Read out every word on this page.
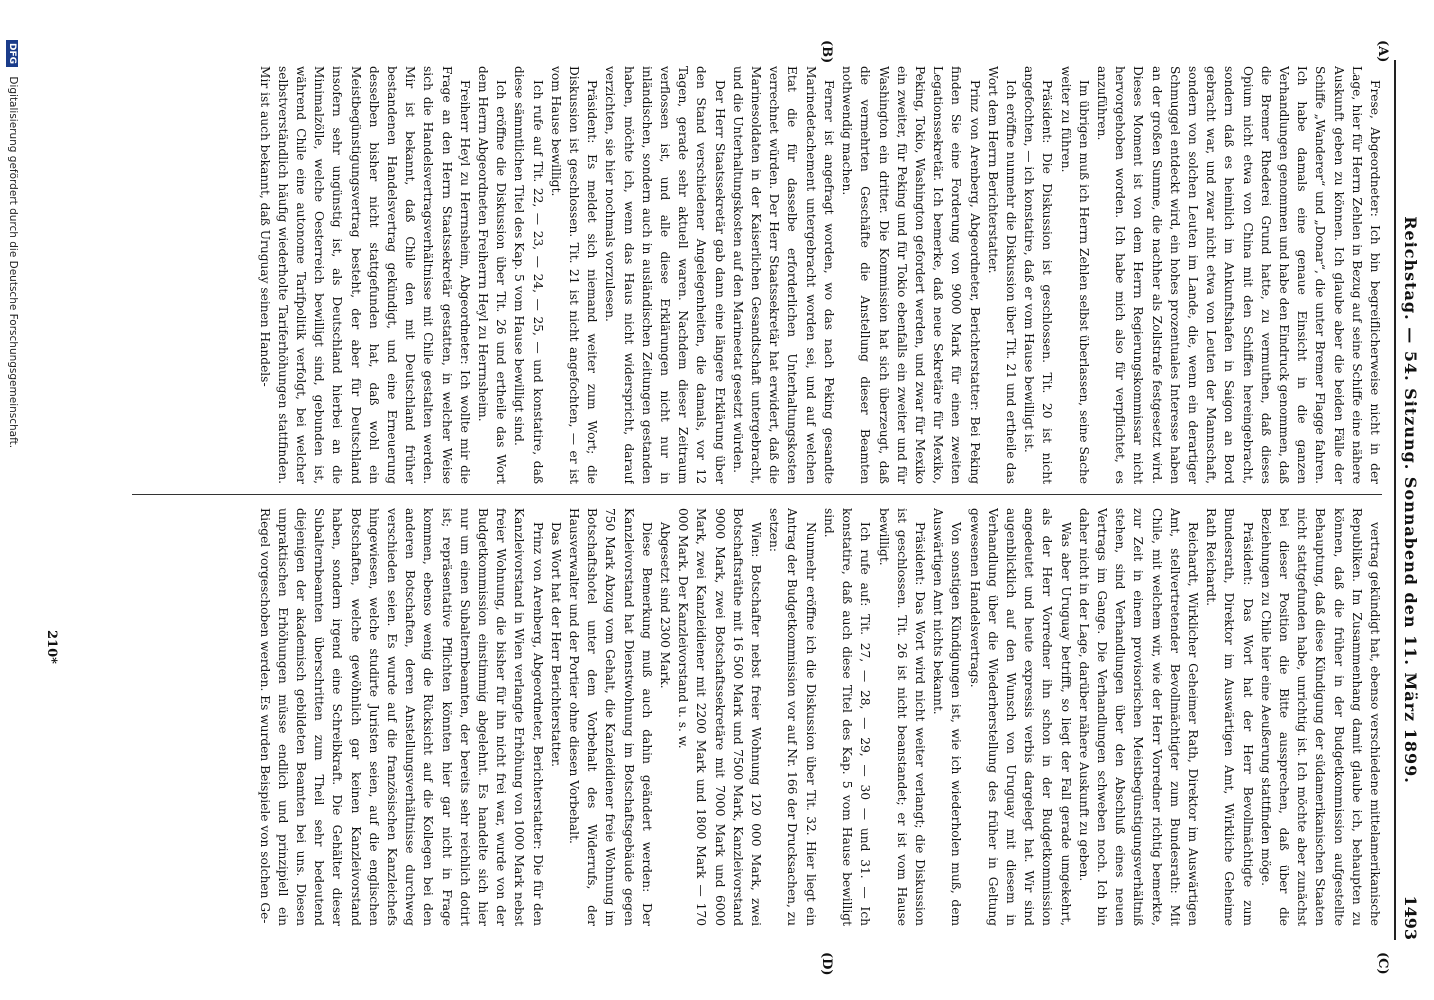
Reichstag. — 54. Sitzung. Sonnabend den 11. März 1899.
1493
(A)
(B)
(C)
(D)

Frese, Abgeordneter: Ich bin begreiflicherweise nicht in der Lage, hier für Herrn Zehlen in Bezug auf seine Schiffe eine nähere Auskunft geben zu können. Ich glaube aber die beiden Fälle der Schiffe „Wanderer“ und „Donar“, die unter Bremer Flagge fahren. Ich habe damals eine genaue Einsicht in die ganzen Verhandlungen genommen und habe den Eindruck genommen, daß die Bremer Rhederei Grund hatte, zu vermuthen, daß dieses Opium nicht etwa von China mit den Schiffen hereingebracht, sondern daß es heimlich im Ankunftshafen in Saigon an Bord gebracht war, und zwar nicht etwa von Leuten der Mannschaft, sondern von solchen Leuten im Lande, die, wenn ein derartiger Schmuggel entdeckt wird, ein hohes prozentuales Interesse haben an der großen Summe, die nachher als Zollstrafe festgesetzt wird. Dieses Moment ist von dem Herrn Regierungskommissar nicht hervorgehoben worden. Ich habe mich also für verpflichtet, es anzuführen.

Im übrigen muß ich Herrn Zehlen selbst überlassen, seine Sache weiter zu führen.

Präsident: Die Diskussion ist geschlossen. Tit. 20 ist nicht angefochten, — ich konstatire, daß er vom Hause bewilligt ist.

Ich eröffne nunmehr die Diskussion über Tit. 21 und ertheile das Wort dem Herrn Berichterstatter.

Prinz von Arenberg, Abgeordneter, Berichterstatter: Bei Peking finden Sie eine Forderung von 9000 Mark für einen zweiten Legationssekretär. Ich bemerke, daß neue Sekretäre für Mexiko, Peking, Tokio, Washington gefordert werden, und zwar für Mexiko ein zweiter, für Peking und für Tokio ebenfalls ein zweiter und für Washington ein dritter. Die Kommission hat sich überzeugt, daß die vermehrten Geschäfte die Anstellung dieser Beamten nothwendig machen.

Ferner ist angefragt worden, wo das nach Peking gesandte Marinedetachement untergebracht worden sei, und auf welchen Etat die für dasselbe erforderlichen Unterhaltungskosten verrechnet würden. Der Herr Staatssekretär hat erwidert, daß die Marinesoldaten in der Kaiserlichen Gesandtschaft untergebracht, und die Unterhaltungskosten auf den Marineetat gesetzt würden.

Der Herr Staatssekretär gab dann eine längere Erklärung über den Stand verschiedener Angelegenheiten, die damals, vor 12 Tagen, gerade sehr aktuell waren. Nachdem dieser Zeitraum verflossen ist, und alle diese Erklärungen nicht nur in inländischen, sondern auch in ausländischen Zeitungen gestanden haben, möchte ich, wenn das Haus nicht widerspricht, darauf verzichten, sie hier nochmals vorzulesen.

Präsident: Es meldet sich niemand weiter zum Wort; die Diskussion ist geschlossen. Tit. 21 ist nicht angefochten, — er ist vom Hause bewilligt.

Ich rufe auf Tit. 22, — 23, — 24, — 25, — und konstatire, daß diese sämmtlichen Titel des Kap. 5 vom Hause bewilligt sind.

Ich eröffne die Diskussion über Tit. 26 und ertheile das Wort dem Herrn Abgeordneten Freiherrn Heyl zu Herrnsheim.

Freiherr Heyl zu Herrnsheim, Abgeordneter: Ich wollte mir die Frage an den Herrn Staatssekretär gestatten, in welcher Weise sich die Handelsvertragsverhältnisse mit Chile gestalten werden. Mir ist bekannt, daß Chile den mit Deutschland früher bestandenen Handelsvertrag gekündigt, und eine Erneuerung desselben bisher nicht stattgefunden hat, daß wohl ein Meistbegünstigungsvertrag besteht, der aber für Deutschland insofern sehr ungünstig ist, als Deutschland hierbei an die Minimalzölle, welche Oesterreich bewilligt sind, gebunden ist, während Chile eine autonome Tarifpolitik verfolgt, bei welcher selbstverständlich häufig wiederholte Tariferhöhungen stattfinden. Mir ist auch bekannt, daß Uruguay seinen Handels-

vertrag gekündigt hat, ebenso verschiedene mittelamerikanische Republiken. Im Zusammenhang damit glaube ich, behaupten zu können, daß die früher in der Budgetkommission aufgestellte Behauptung, daß diese Kündigung der südamerikanischen Staaten nicht stattgefunden habe, unrichtig ist. Ich möchte aber zunächst bei dieser Position die Bitte aussprechen, daß über die Beziehungen zu Chile hier eine Aeußerung stattfinden möge.

Präsident: Das Wort hat der Herr Bevollmächtigte zum Bundesrath, Direktor im Auswärtigen Amt, Wirkliche Geheime Rath Reichardt.

Reichardt, Wirklicher Geheimer Rath, Direktor im Auswärtigen Amt, stellvertretender Bevollmächtigter zum Bundesrath: Mit Chile, mit welchem wir, wie der Herr Vorredner richtig bemerkte, zur Zeit in einem provisorischen Meistbegünstigungsverhältniß stehen, sind Verhandlungen über den Abschluß eines neuen Vertrags im Gange. Die Verhandlungen schweben noch. Ich bin daher nicht in der Lage, darüber nähere Auskunft zu geben.

Was aber Uruguay betrifft, so liegt der Fall gerade umgekehrt, als der Herr Vorredner ihn schon in der Budgetkommission angedeutet und heute expressis verbis dargelegt hat. Wir sind augenblicklich auf den Wunsch von Uruguay mit diesem in Verhandlung über die Wiederherstellung des früher in Geltung gewesenen Handelsvertrags.

Von sonstigen Kündigungen ist, wie ich wiederholen muß, dem Auswärtigen Amt nichts bekannt.

Präsident: Das Wort wird nicht weiter verlangt; die Diskussion ist geschlossen. Tit. 26 ist nicht beanstandet; er ist vom Hause bewilligt.

Ich rufe auf: Tit. 27, — 28, — 29, — 30 — und 31. — Ich konstatire, daß auch diese Titel des Kap. 5 vom Hause bewilligt sind.

Nunmehr eröffne ich die Diskussion über Tit. 32. Hier liegt ein Antrag der Budgetkommission vor auf Nr. 166 der Drucksachen, zu setzen:

Wien: Botschafter nebst freier Wohnung 120 000 Mark, zwei Botschaftsräthe mit 16 500 Mark und 7500 Mark, Kanzleivorstand 9000 Mark, zwei Botschaftssekretäre mit 7000 Mark und 6000 Mark, zwei Kanzleidiener mit 2200 Mark und 1800 Mark — 170 000 Mark. Der Kanzleivorstand u. s. w.

Abgesetzt sind 2300 Mark.

Diese Bemerkung muß auch dahin geändert werden: Der Kanzleivorstand hat Dienstwohnung im Botschaftsgebäude gegen 750 Mark Abzug vom Gehalt, die Kanzleidiener freie Wohnung im Botschaftshotel unter dem Vorbehalt des Widerrufs, der Hausverwalter und der Portier ohne diesen Vorbehalt.

Das Wort hat der Herr Berichterstatter.

Prinz von Arenberg, Abgeordneter, Berichterstatter: Die für den Kanzleivorstand in Wien verlangte Erhöhung von 1000 Mark nebst freier Wohnung, die bisher für ihn nicht frei war, wurde von der Budgetkommission einstimmig abgelehnt. Es handelte sich hier nur um einen Subalternbeamten, der bereits sehr reichlich dotirt ist; repräsentative Pflichten könnten hier gar nicht in Frage kommen, ebenso wenig die Rücksicht auf die Kollegen bei den anderen Botschaften, deren Anstellungsverhältnisse durchweg verschieden seien. Es wurde auf die französischen Kanzleichefs hingewiesen, welche studirte Juristen seien, auf die englischen Botschaften, welche gewöhnlich gar keinen Kanzleivorstand haben, sondern irgend eine Schreibkraft. Die Gehälter dieser Subalternbeamten überschritten zum Theil sehr bedeutend diejenigen der akademisch gebildeten Beamten bei uns. Diesen unpraktischen Erhöhungen müsse endlich und prinzipiell ein Riegel vorgeschoben werden. Es wurden Beispiele von solchen Ge-

210*
DFG Digitalisierung gefördert durch die Deutsche Forschungsgemeinschaft.
